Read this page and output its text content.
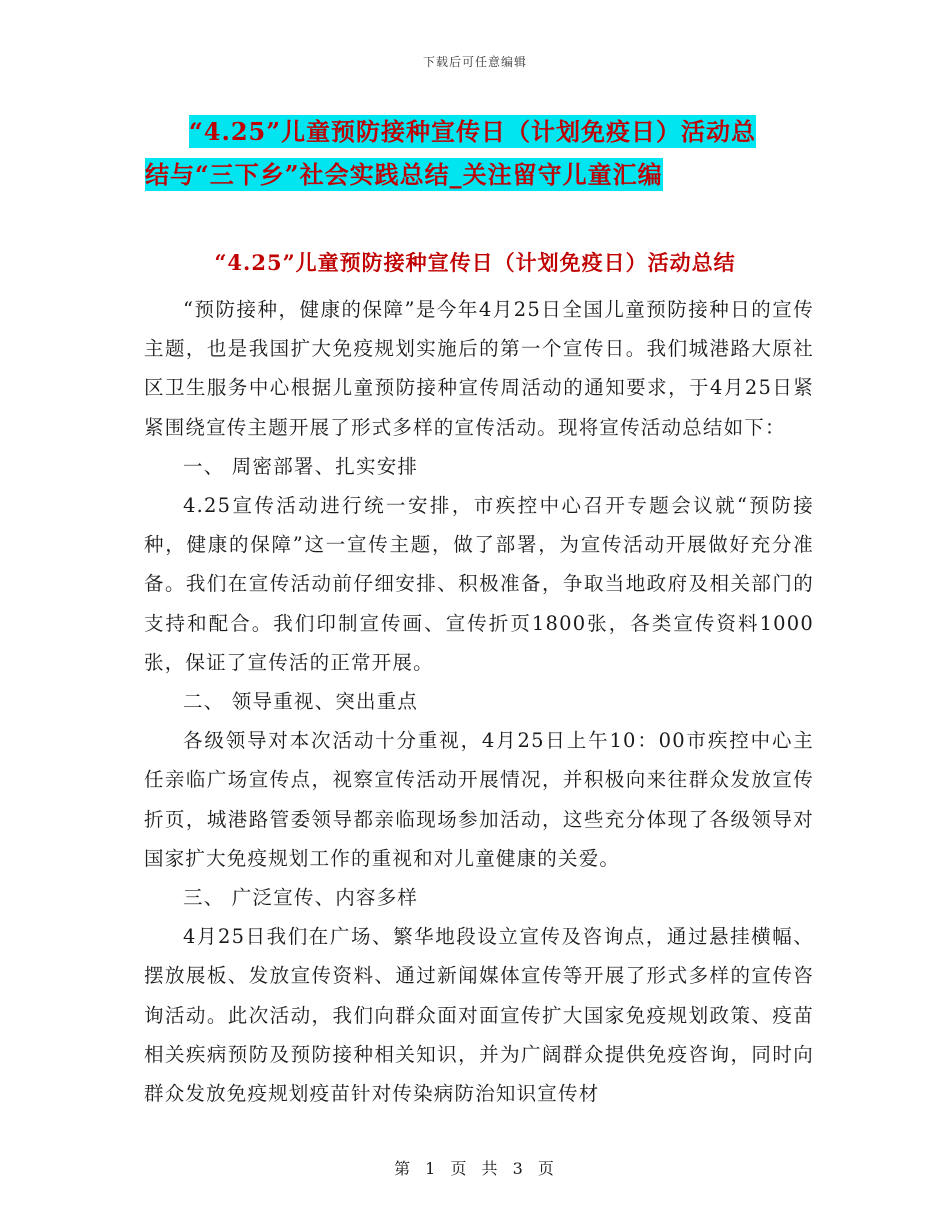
下载后可任意编辑
“4.25”儿童预防接种宣传日（计划免疫日）活动总
结与“三下乡”社会实践总结_关注留守儿童汇编
“4.25”儿童预防接种宣传日（计划免疫日）活动总结

“预防接种，健康的保障”是今年4月25日全国儿童预防接种日的宣传主题，也是我国扩大免疫规划实施后的第一个宣传日。我们城港路大原社区卫生服务中心根据儿童预防接种宣传周活动的通知要求，于4月25日紧紧围绕宣传主题开展了形式多样的宣传活动。现将宣传活动总结如下：

一、 周密部署、扎实安排

4.25宣传活动进行统一安排，市疾控中心召开专题会议就“预防接种，健康的保障”这一宣传主题，做了部署，为宣传活动开展做好充分准备。我们在宣传活动前仔细安排、积极准备，争取当地政府及相关部门的支持和配合。我们印制宣传画、宣传折页1800张，各类宣传资料1000张，保证了宣传活的正常开展。

二、 领导重视、突出重点

各级领导对本次活动十分重视，4月25日上午10：00市疾控中心主任亲临广场宣传点，视察宣传活动开展情况，并积极向来往群众发放宣传折页，城港路管委领导都亲临现场参加活动，这些充分体现了各级领导对国家扩大免疫规划工作的重视和对儿童健康的关爱。

三、 广泛宣传、内容多样

4月25日我们在广场、繁华地段设立宣传及咨询点，通过悬挂横幅、摆放展板、发放宣传资料、通过新闻媒体宣传等开展了形式多样的宣传咨询活动。此次活动，我们向群众面对面宣传扩大国家免疫规划政策、疫苗相关疾病预防及预防接种相关知识，并为广阔群众提供免疫咨询，同时向群众发放免疫规划疫苗针对传染病防治知识宣传材

第 1 页 共 3 页
